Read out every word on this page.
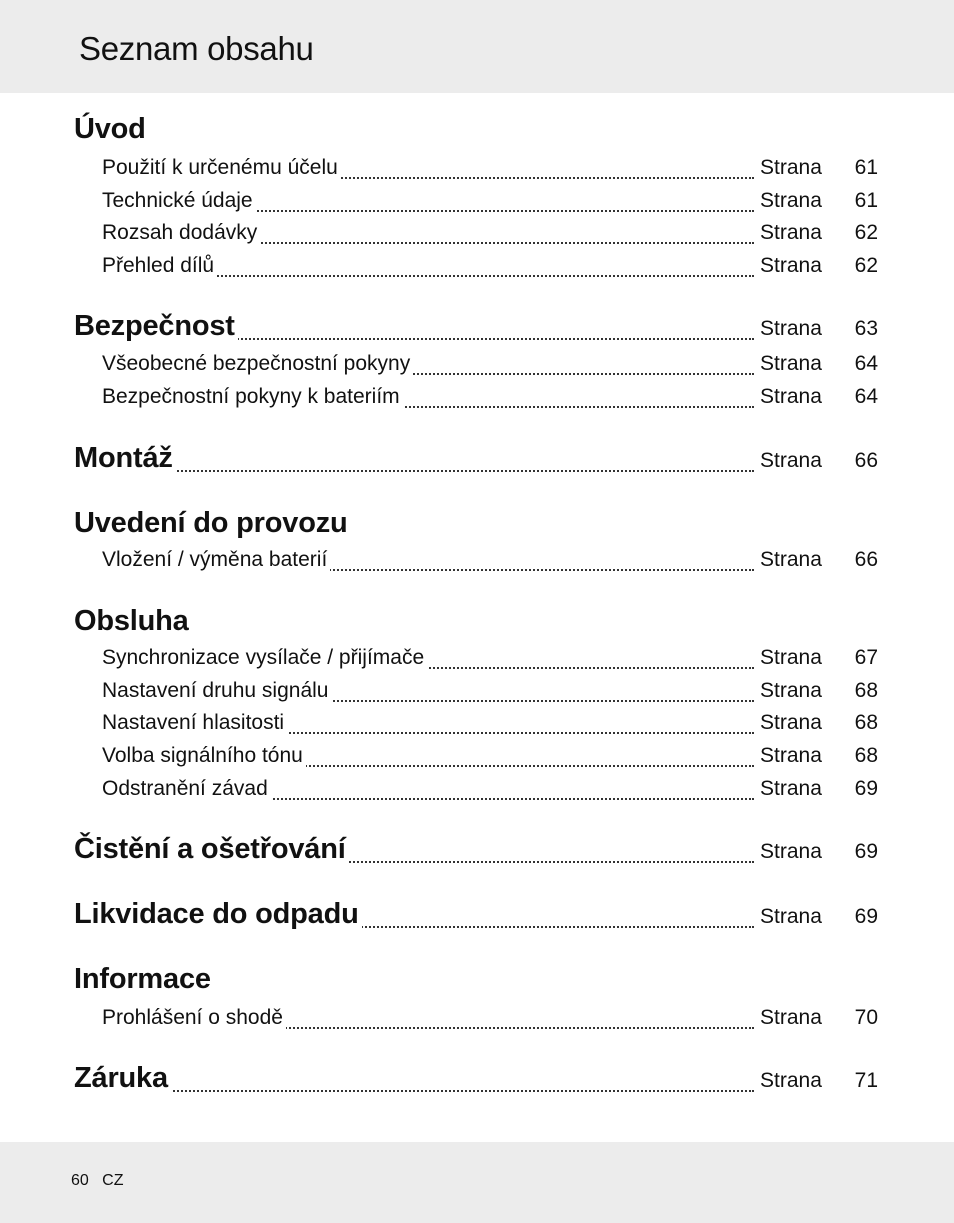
Seznam obsahu
Úvod
Použití k určenému účelu	Strana 61
Technické údaje	Strana 61
Rozsah dodávky	Strana 62
Přehled dílů	Strana 62
Bezpečnost	Strana 63
Všeobecné bezpečnostní pokyny	Strana 64
Bezpečnostní pokyny k bateriím	Strana 64
Montáž	Strana 66
Uvedení do provozu
Vložení / výměna baterií	Strana 66
Obsluha
Synchronizace vysílače / přijímače	Strana 67
Nastavení druhu signálu	Strana 68
Nastavení hlasitosti	Strana 68
Volba signálního tónu	Strana 68
Odstranění závad	Strana 69
Čistění a ošetřování	Strana 69
Likvidace do odpadu	Strana 69
Informace
Prohlášení o shodě	Strana 70
Záruka	Strana 71
60 CZ
